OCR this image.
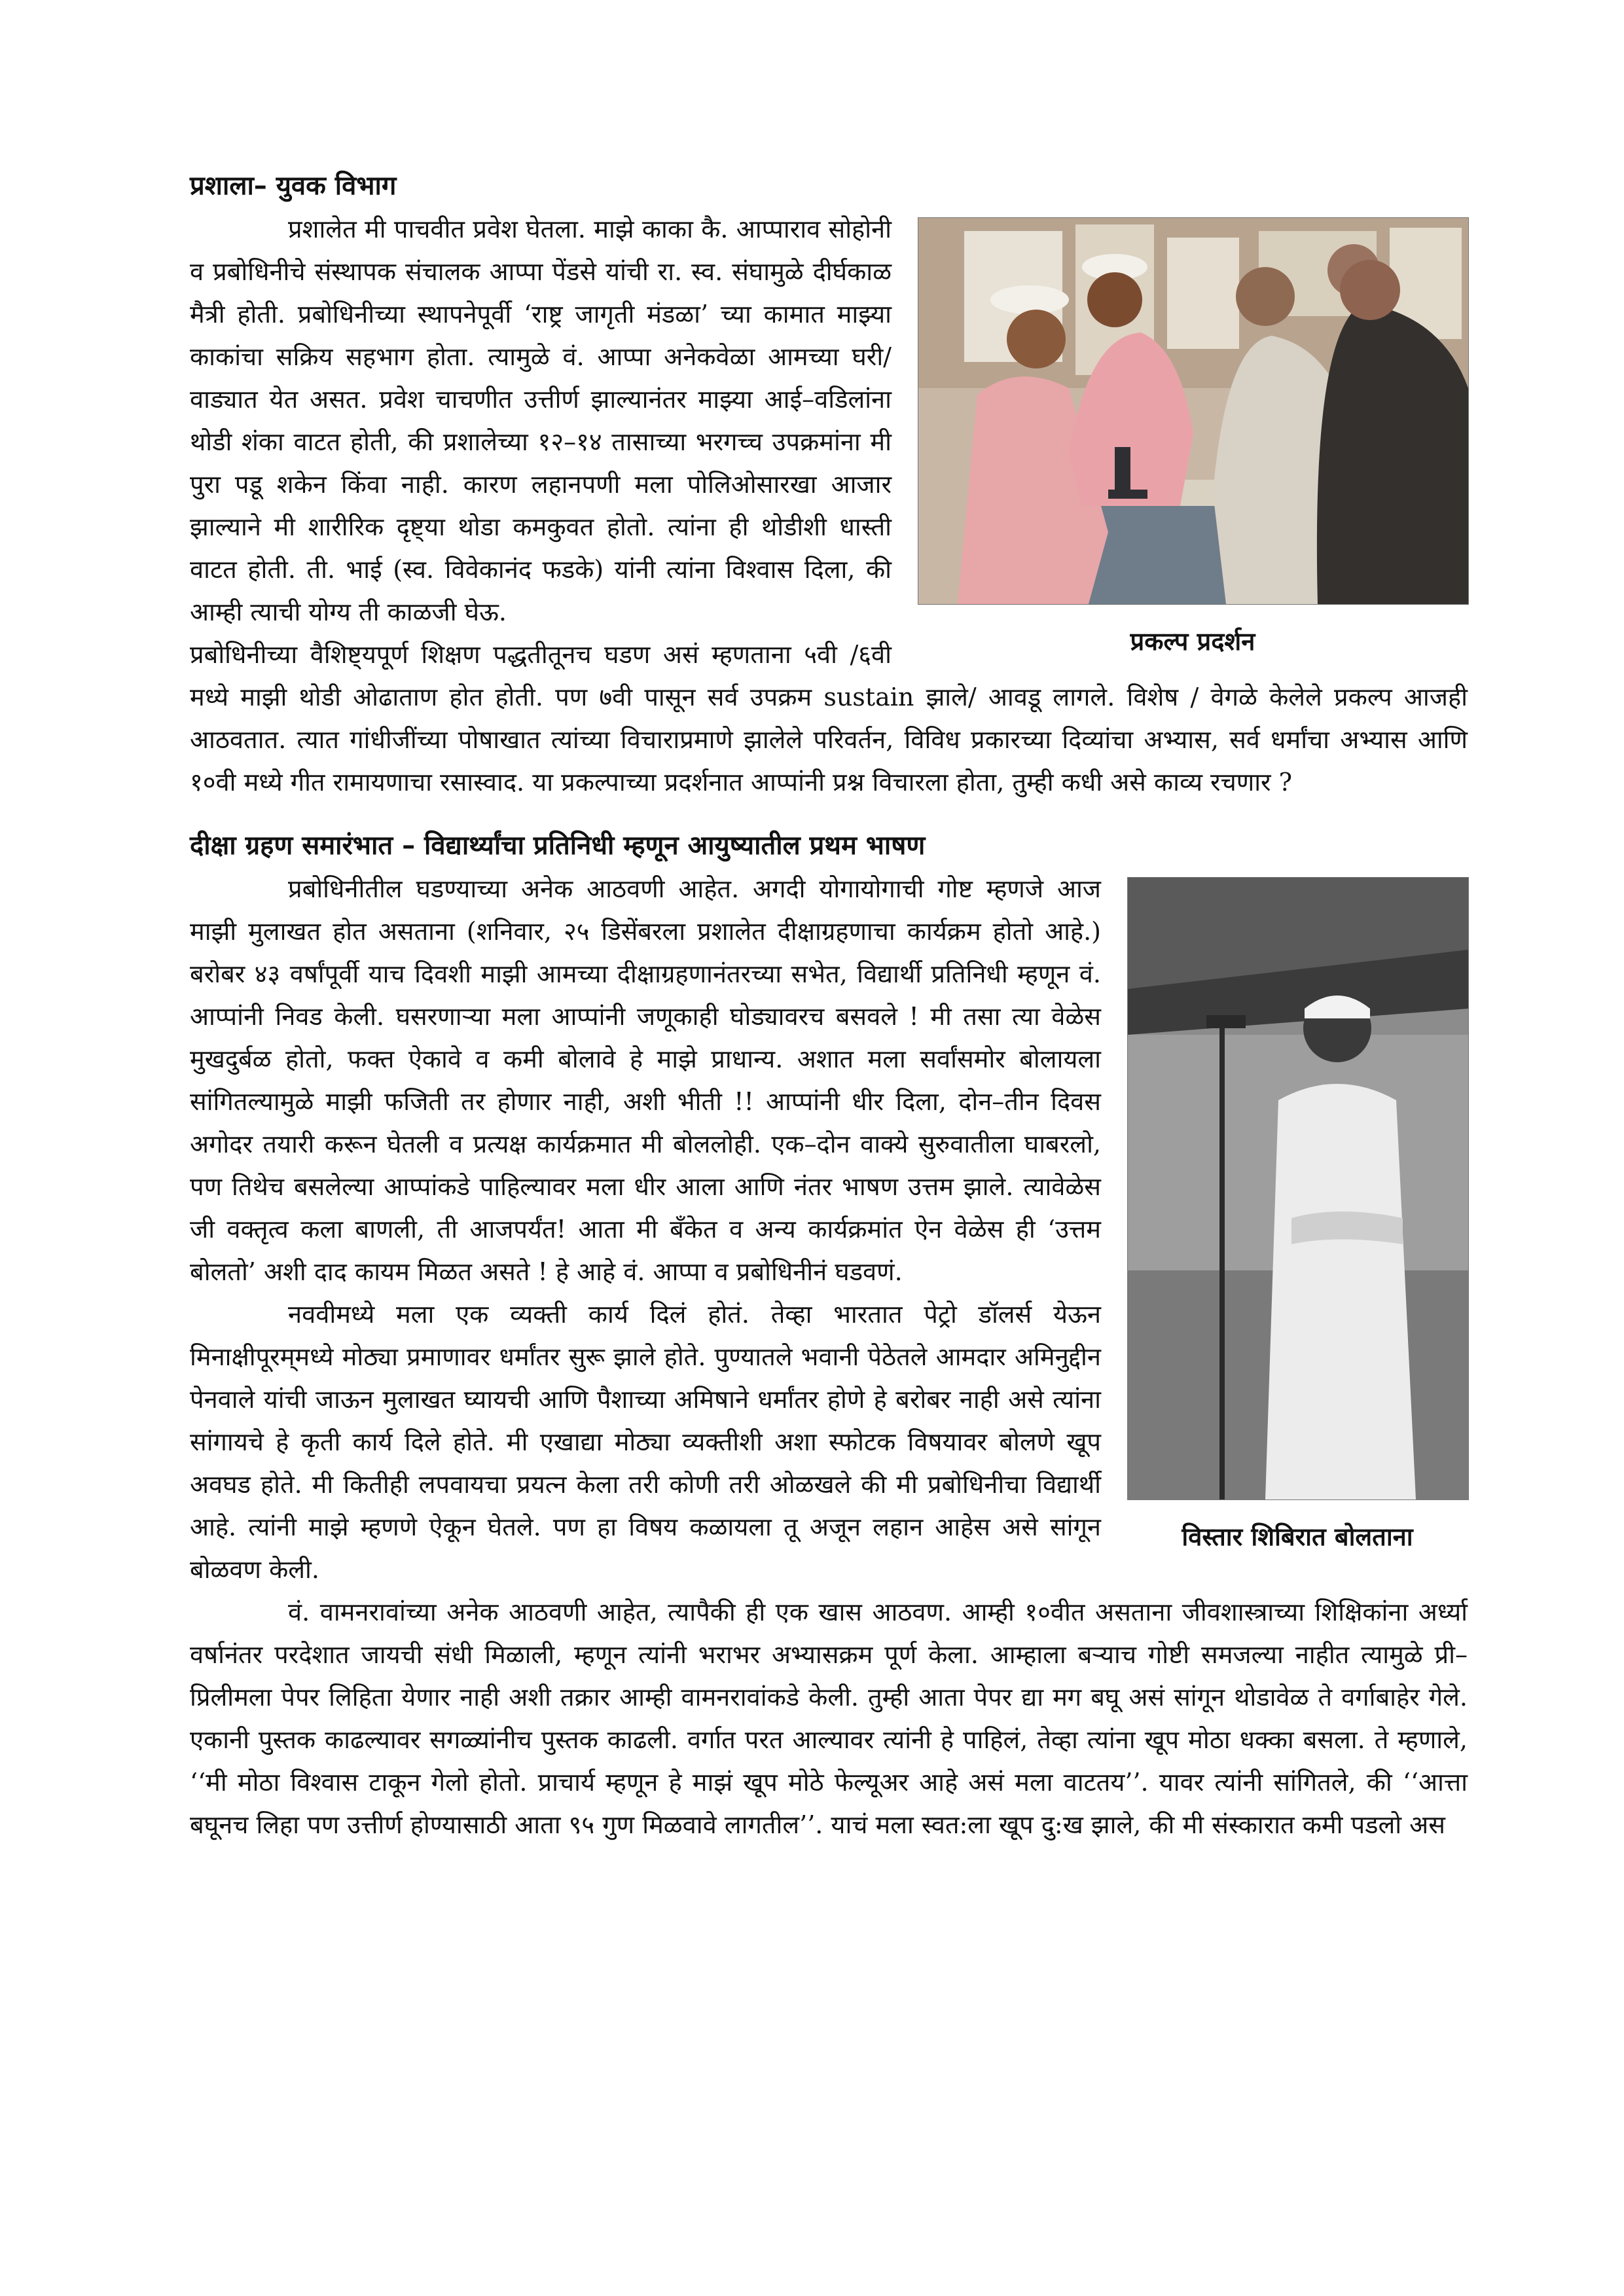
प्रशाला– युवक विभाग

प्रकल्प प्रदर्शन

प्रशालेत मी पाचवीत प्रवेश घेतला. माझे काका कै. आप्पाराव सोहोनी व प्रबोधिनीचे संस्थापक संचालक आप्पा पेंडसे यांची रा. स्व. संघामुळे दीर्घकाळ मैत्री होती. प्रबोधिनीच्या स्थापनेपूर्वी ‘राष्ट्र जागृती मंडळा’ च्या कामात माझ्या काकांचा सक्रिय सहभाग होता. त्यामुळे वं. आप्पा अनेकवेळा आमच्या घरी/वाड्यात येत असत. प्रवेश चाचणीत उत्तीर्ण झाल्यानंतर माझ्या आई–वडिलांना थोडी शंका वाटत होती, की प्रशालेच्या १२–१४ तासाच्या भरगच्च उपक्रमांना मी पुरा पडू शकेन किंवा नाही. कारण लहानपणी मला पोलिओसारखा आजार झाल्याने मी शारीरिक दृष्ट्या थोडा कमकुवत होतो. त्यांना ही थोडीशी धास्ती वाटत होती. ती. भाई (स्व. विवेकानंद फडके) यांनी त्यांना विश्वास दिला, की आम्ही त्याची योग्य ती काळजी घेऊ.

प्रबोधिनीच्या वैशिष्ट्यपूर्ण शिक्षण पद्धतीतूनच घडण असं म्हणताना ५वी /६वी मध्ये माझी थोडी ओढाताण होत होती. पण ७वी पासून सर्व उपक्रम sustain झाले/ आवडू लागले. विशेष / वेगळे केलेले प्रकल्प आजही आठवतात. त्यात गांधीजींच्या पोषाखात त्यांच्या विचाराप्रमाणे झालेले परिवर्तन, विविध प्रकारच्या दिव्यांचा अभ्यास, सर्व धर्मांचा अभ्यास आणि १०वी मध्ये गीत रामायणाचा रसास्वाद. या प्रकल्पाच्या प्रदर्शनात आप्पांनी प्रश्न विचारला होता, तुम्ही कधी असे काव्य रचणार ?

दीक्षा ग्रहण समारंभात – विद्यार्थ्यांचा प्रतिनिधी म्हणून आयुष्यातील प्रथम भाषण

विस्तार शिबिरात बोलताना

प्रबोधिनीतील घडण्याच्या अनेक आठवणी आहेत. अगदी योगायोगाची गोष्ट म्हणजे आज माझी मुलाखत होत असताना (शनिवार, २५ डिसेंबरला प्रशालेत दीक्षाग्रहणाचा कार्यक्रम होतो आहे.) बरोबर ४३ वर्षांपूर्वी याच दिवशी माझी आमच्या दीक्षाग्रहणानंतरच्या सभेत, विद्यार्थी प्रतिनिधी म्हणून वं. आप्पांनी निवड केली. घसरणाऱ्या मला आप्पांनी जणूकाही घोड्यावरच बसवले ! मी तसा त्या वेळेस मुखदुर्बळ होतो, फक्त ऐकावे व कमी बोलावे हे माझे प्राधान्य. अशात मला सर्वांसमोर बोलायला सांगितल्यामुळे माझी फजिती तर होणार नाही, अशी भीती !! आप्पांनी धीर दिला, दोन–तीन दिवस अगोदर तयारी करून घेतली व प्रत्यक्ष कार्यक्रमात मी बोललोही. एक–दोन वाक्ये सुरुवातीला घाबरलो, पण तिथेच बसलेल्या आप्पांकडे पाहिल्यावर मला धीर आला आणि नंतर भाषण उत्तम झाले. त्यावेळेस जी वक्तृत्व कला बाणली, ती आजपर्यंत! आता मी बँकेत व अन्य कार्यक्रमांत ऐन वेळेस ही ‘उत्तम बोलतो’ अशी दाद कायम मिळत असते ! हे आहे वं. आप्पा व प्रबोधिनीनं घडवणं.

नववीमध्ये मला एक व्यक्ती कार्य दिलं होतं. तेव्हा भारतात पेट्रो डॉलर्स येऊन मिनाक्षीपूरम्‌मध्ये मोठ्या प्रमाणावर धर्मांतर सुरू झाले होते. पुण्यातले भवानी पेठेतले आमदार अमिनुद्दीन पेनवाले यांची जाऊन मुलाखत घ्यायची आणि पैशाच्या अमिषाने धर्मांतर होणे हे बरोबर नाही असे त्यांना सांगायचे हे कृती कार्य दिले होते. मी एखाद्या मोठ्या व्यक्तीशी अशा स्फोटक विषयावर बोलणे खूप अवघड होते. मी कितीही लपवायचा प्रयत्न केला तरी कोणी तरी ओळखले की मी प्रबोधिनीचा विद्यार्थी आहे. त्यांनी माझे म्हणणे ऐकून घेतले. पण हा विषय कळायला तू अजून लहान आहेस असे सांगून बोळवण केली.

वं. वामनरावांच्या अनेक आठवणी आहेत, त्यापैकी ही एक खास आठवण. आम्ही १०वीत असताना जीवशास्त्राच्या शिक्षिकांना अर्ध्या वर्षानंतर परदेशात जायची संधी मिळाली, म्हणून त्यांनी भराभर अभ्यासक्रम पूर्ण केला. आम्हाला बऱ्याच गोष्टी समजल्या नाहीत त्यामुळे प्री–प्रिलीमला पेपर लिहिता येणार नाही अशी तक्रार आम्ही वामनरावांकडे केली. तुम्ही आता पेपर द्या मग बघू असं सांगून थोडावेळ ते वर्गाबाहेर गेले. एकानी पुस्तक काढल्यावर सगळ्यांनीच पुस्तक काढली. वर्गात परत आल्यावर त्यांनी हे पाहिलं, तेव्हा त्यांना खूप मोठा धक्का बसला. ते म्हणाले, ‘‘मी मोठा विश्वास टाकून गेलो होतो. प्राचार्य म्हणून हे माझं खूप मोठे फेल्यूअर आहे असं मला वाटतय’’. यावर त्यांनी सांगितले, की ‘‘आत्ता बघूनच लिहा पण उत्तीर्ण होण्यासाठी आता ९५ गुण मिळवावे लागतील’’. याचं मला स्वत:ला खूप दु:ख झाले, की मी संस्कारात कमी पडलो अस
